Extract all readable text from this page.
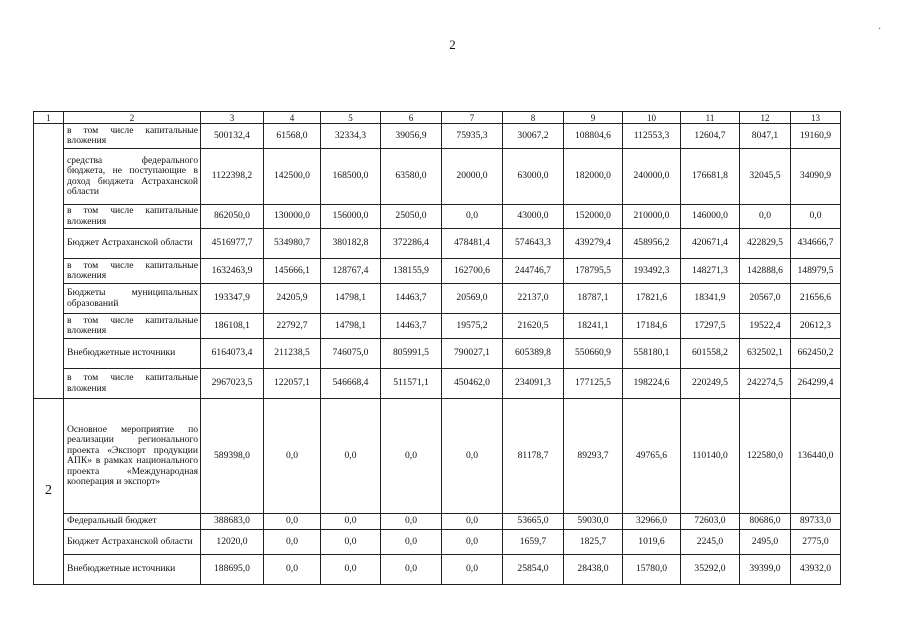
2
·
1	2	3	4	5	6	7	8	9	10	11	12	13
	в том числе капитальные вложения	500132,4	61568,0	32334,3	39056,9	75935,3	30067,2	108804,6	112553,3	12604,7	8047,1	19160,9
	средства федерального бюджета, не поступающие в доход бюджета Астраханской области	1122398,2	142500,0	168500,0	63580,0	20000,0	63000,0	182000,0	240000,0	176681,8	32045,5	34090,9
	в том числе капитальные вложения	862050,0	130000,0	156000,0	25050,0	0,0	43000,0	152000,0	210000,0	146000,0	0,0	0,0
	Бюджет Астраханской области	4516977,7	534980,7	380182,8	372286,4	478481,4	574643,3	439279,4	458956,2	420671,4	422829,5	434666,7
	в том числе капитальные вложения	1632463,9	145666,1	128767,4	138155,9	162700,6	244746,7	178795,5	193492,3	148271,3	142888,6	148979,5
	Бюджеты муниципальных образований	193347,9	24205,9	14798,1	14463,7	20569,0	22137,0	18787,1	17821,6	18341,9	20567,0	21656,6
	в том числе капитальные вложения	186108,1	22792,7	14798,1	14463,7	19575,2	21620,5	18241,1	17184,6	17297,5	19522,4	20612,3
	Внебюджетные источники	6164073,4	211238,5	746075,0	805991,5	790027,1	605389,8	550660,9	558180,1	601558,2	632502,1	662450,2
	в том числе капитальные вложения	2967023,5	122057,1	546668,4	511571,1	450462,0	234091,3	177125,5	198224,6	220249,5	242274,5	264299,4
2	Основное мероприятие по реализации регионального проекта «Экспорт продукции АПК» в рамках национального проекта «Международная кооперация и экспорт»	589398,0	0,0	0,0	0,0	0,0	81178,7	89293,7	49765,6	110140,0	122580,0	136440,0
	Федеральный бюджет	388683,0	0,0	0,0	0,0	0,0	53665,0	59030,0	32966,0	72603,0	80686,0	89733,0
	Бюджет Астраханской области	12020,0	0,0	0,0	0,0	0,0	1659,7	1825,7	1019,6	2245,0	2495,0	2775,0
	Внебюджетные источники	188695,0	0,0	0,0	0,0	0,0	25854,0	28438,0	15780,0	35292,0	39399,0	43932,0
